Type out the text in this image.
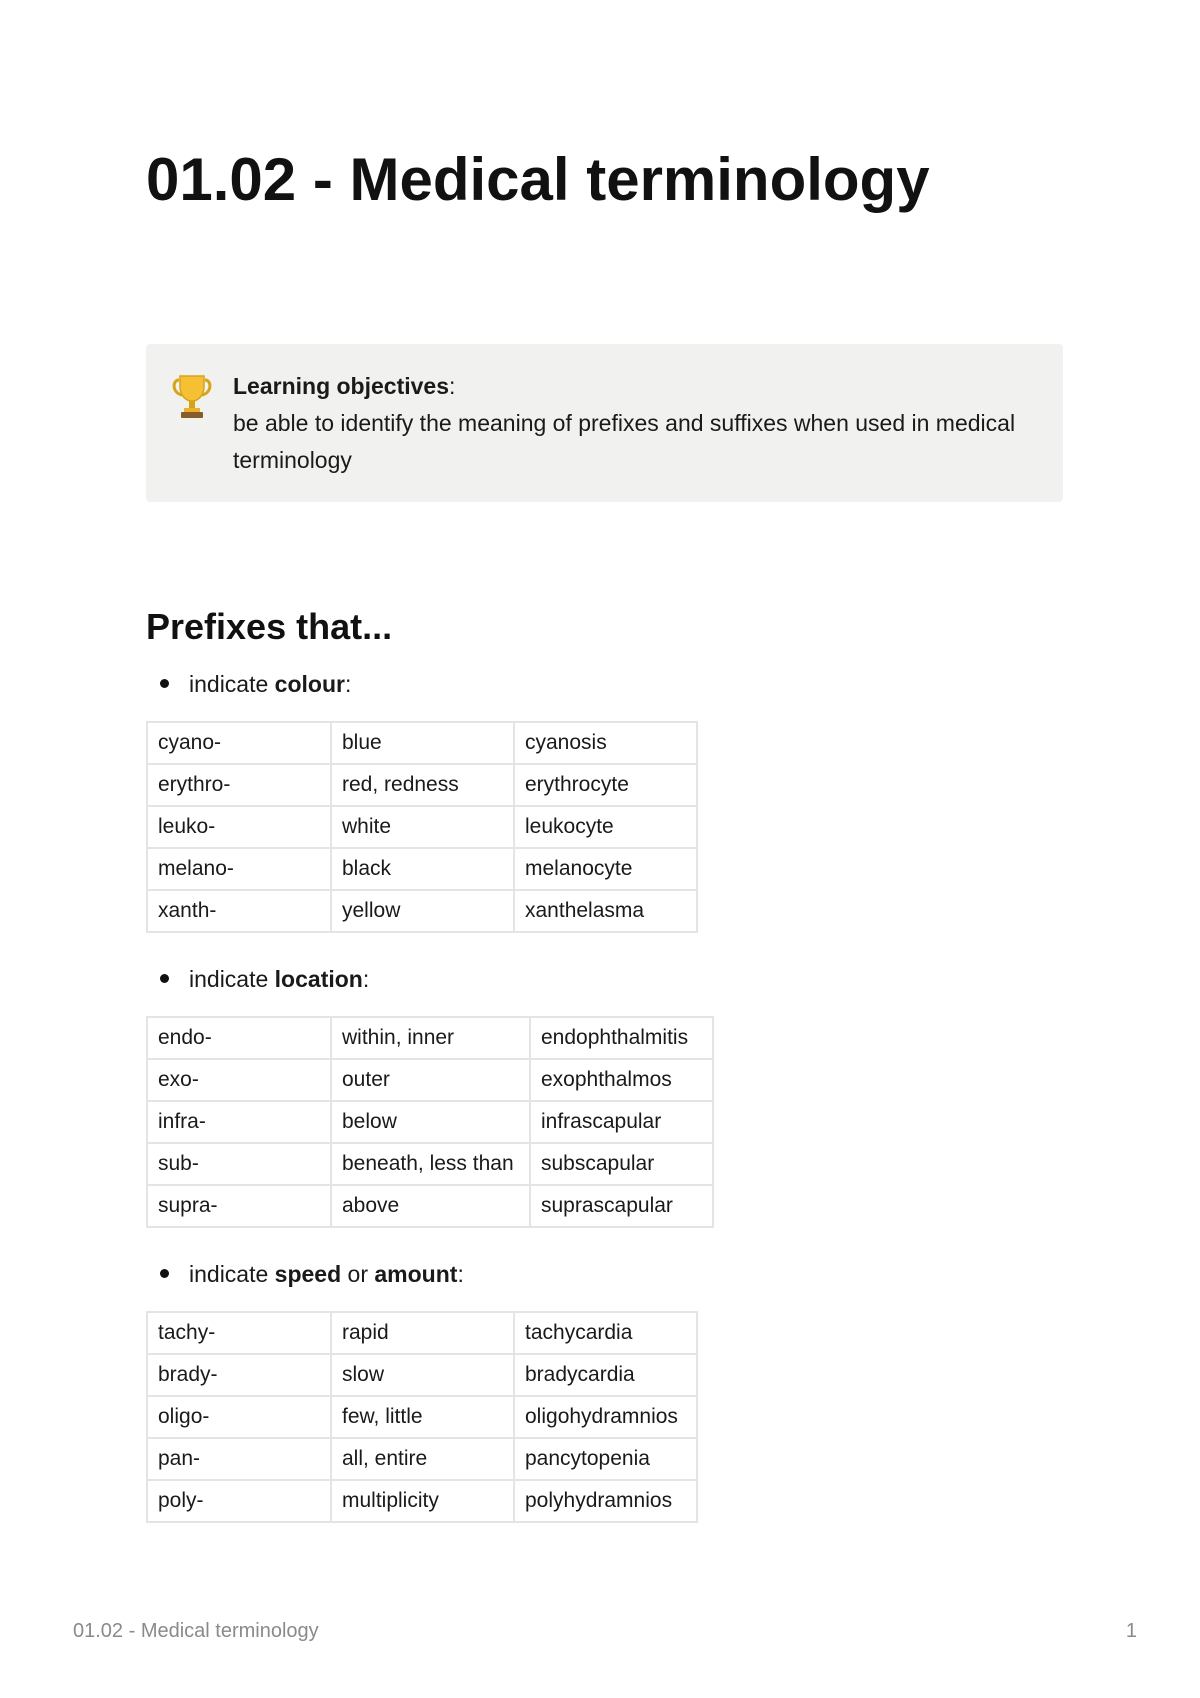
01.02 - Medical terminology
Learning objectives:
be able to identify the meaning of prefixes and suffixes when used in medical terminology
Prefixes that...
indicate colour:
cyano-	blue	cyanosis
erythro-	red, redness	erythrocyte
leuko-	white	leukocyte
melano-	black	melanocyte
xanth-	yellow	xanthelasma
indicate location:
endo-	within, inner	endophthalmitis
exo-	outer	exophthalmos
infra-	below	infrascapular
sub-	beneath, less than	subscapular
supra-	above	suprascapular
indicate speed or amount:
tachy-	rapid	tachycardia
brady-	slow	bradycardia
oligo-	few, little	oligohydramnios
pan-	all, entire	pancytopenia
poly-	multiplicity	polyhydramnios
01.02 - Medical terminology	1
